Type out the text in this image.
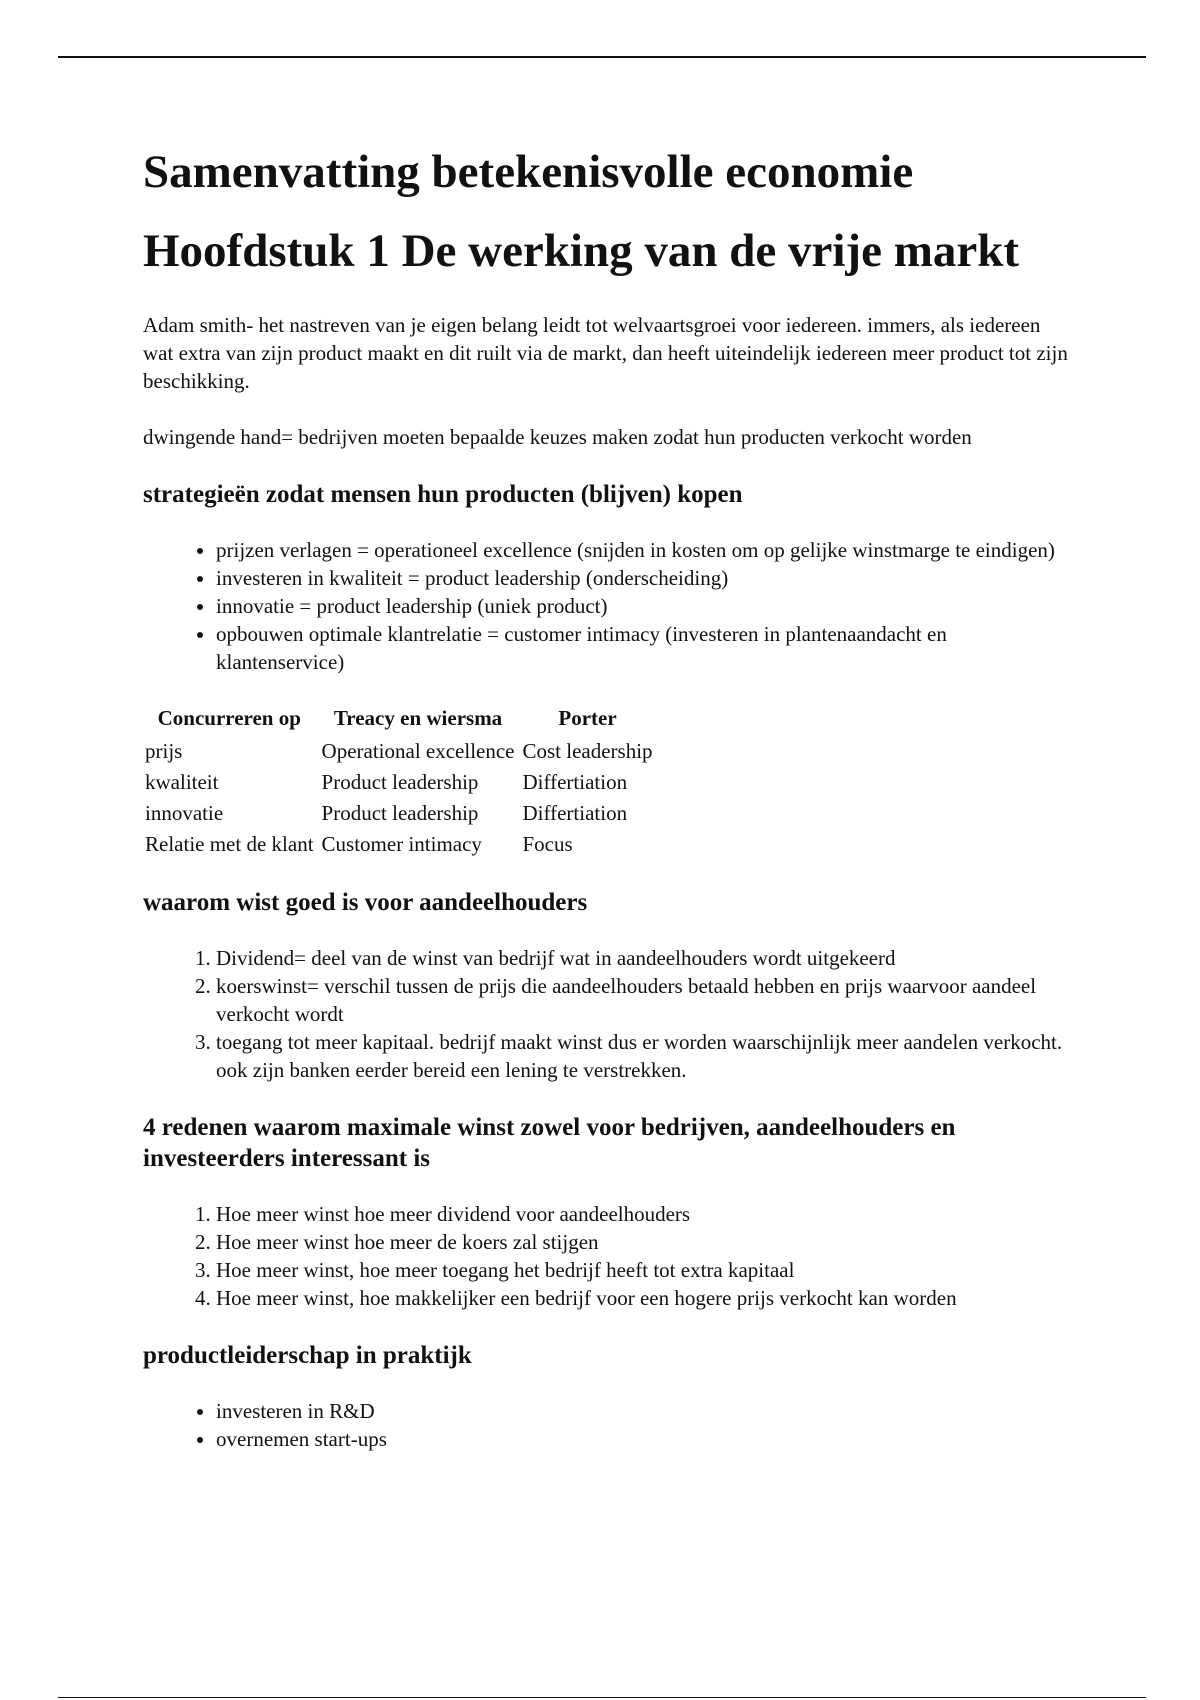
Samenvatting betekenisvolle economie
Hoofdstuk 1 De werking van de vrije markt

Adam smith- het nastreven van je eigen belang leidt tot welvaartsgroei voor iedereen. immers, als iedereen wat extra van zijn product maakt en dit ruilt via de markt, dan heeft uiteindelijk iedereen meer product tot zijn beschikking.

dwingende hand= bedrijven moeten bepaalde keuzes maken zodat hun producten verkocht worden

strategieën zodat mensen hun producten (blijven) kopen
• prijzen verlagen = operationeel excellence (snijden in kosten om op gelijke winstmarge te eindigen)
• investeren in kwaliteit = product leadership (onderscheiding)
• innovatie = product leadership (uniek product)
• opbouwen optimale klantrelatie = customer intimacy (investeren in plantenaandacht en klantenservice)
Concurreren op	Treacy en wiersma	Porter
prijs	Operational excellence	Cost leadership
kwaliteit	Product leadership	Differtiation
innovatie	Product leadership	Differtiation
Relatie met de klant	Customer intimacy	Focus
waarom wist goed is voor aandeelhouders
1. Dividend= deel van de winst van bedrijf wat in aandeelhouders wordt uitgekeerd
2. koerswinst= verschil tussen de prijs die aandeelhouders betaald hebben en prijs waarvoor aandeel verkocht wordt
3. toegang tot meer kapitaal. bedrijf maakt winst dus er worden waarschijnlijk meer aandelen verkocht. ook zijn banken eerder bereid een lening te verstrekken.
4 redenen waarom maximale winst zowel voor bedrijven, aandeelhouders en investeerders interessant is
1. Hoe meer winst hoe meer dividend voor aandeelhouders
2. Hoe meer winst hoe meer de koers zal stijgen
3. Hoe meer winst, hoe meer toegang het bedrijf heeft tot extra kapitaal
4. Hoe meer winst, hoe makkelijker een bedrijf voor een hogere prijs verkocht kan worden
productleiderschap in praktijk
• investeren in R&D
• overnemen start-ups
